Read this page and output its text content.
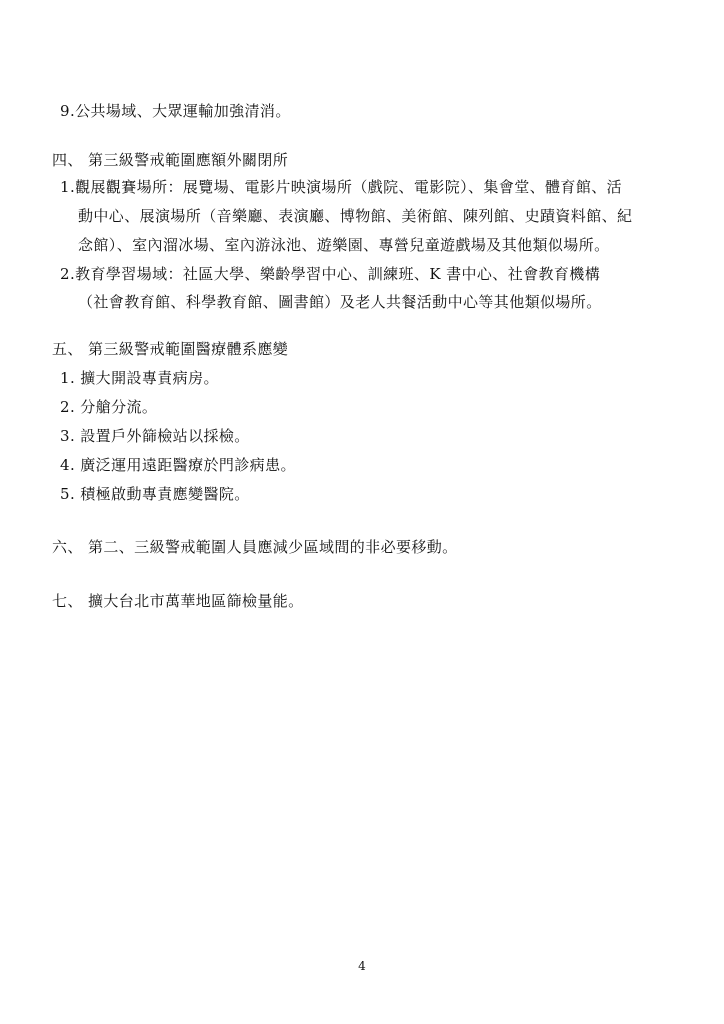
9.公共場域、大眾運輸加強清消。
四、 第三級警戒範圍應額外關閉所
1.觀展觀賽場所：展覽場、電影片映演場所（戲院、電影院）、集會堂、體育館、活
動中心、展演場所（音樂廳、表演廳、博物館、美術館、陳列館、史蹟資料館、紀
念館）、室內溜冰場、室內游泳池、遊樂園、專營兒童遊戲場及其他類似場所。
2.教育學習場域：社區大學、樂齡學習中心、訓練班、K 書中心、社會教育機構
（社會教育館、科學教育館、圖書館）及老人共餐活動中心等其他類似場所。
五、 第三級警戒範圍醫療體系應變
1. 擴大開設專責病房。
2. 分艙分流。
3. 設置戶外篩檢站以採檢。
4. 廣泛運用遠距醫療於門診病患。
5. 積極啟動專責應變醫院。
六、 第二、三級警戒範圍人員應減少區域間的非必要移動。
七、 擴大台北市萬華地區篩檢量能。
4
